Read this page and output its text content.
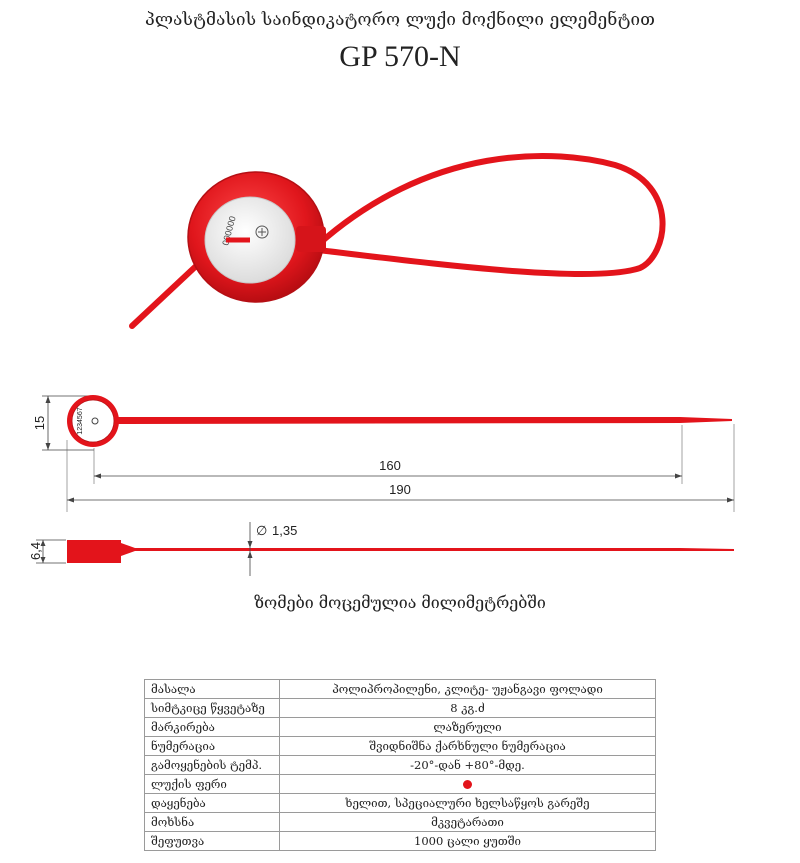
პლასტმასის საინდიკატორო ლუქი მოქნილი ელემენტით
GP 570-N
000000
15	1234567
160
190
6,4
∅ 1,35
ზომები მოცემულია მილიმეტრებში
მასალა	პოლიპროპილენი, კლიტე- უჟანგავი ფოლადი
სიმტკიცე წყვეტაზე	8 კგ.ძ
მარკირება	ლაზერული
ნუმერაცია	შვიდნიშნა ქარხნული ნუმერაცია
გამოყენების ტემპ.	-20°-დან +80°-მდე.
ლუქის ფერი	
დაყენება	ხელით, სპეციალური ხელსაწყოს გარეშე
მოხსნა	მკვეტარათი
შეფუთვა	1000 ცალი ყუთში
